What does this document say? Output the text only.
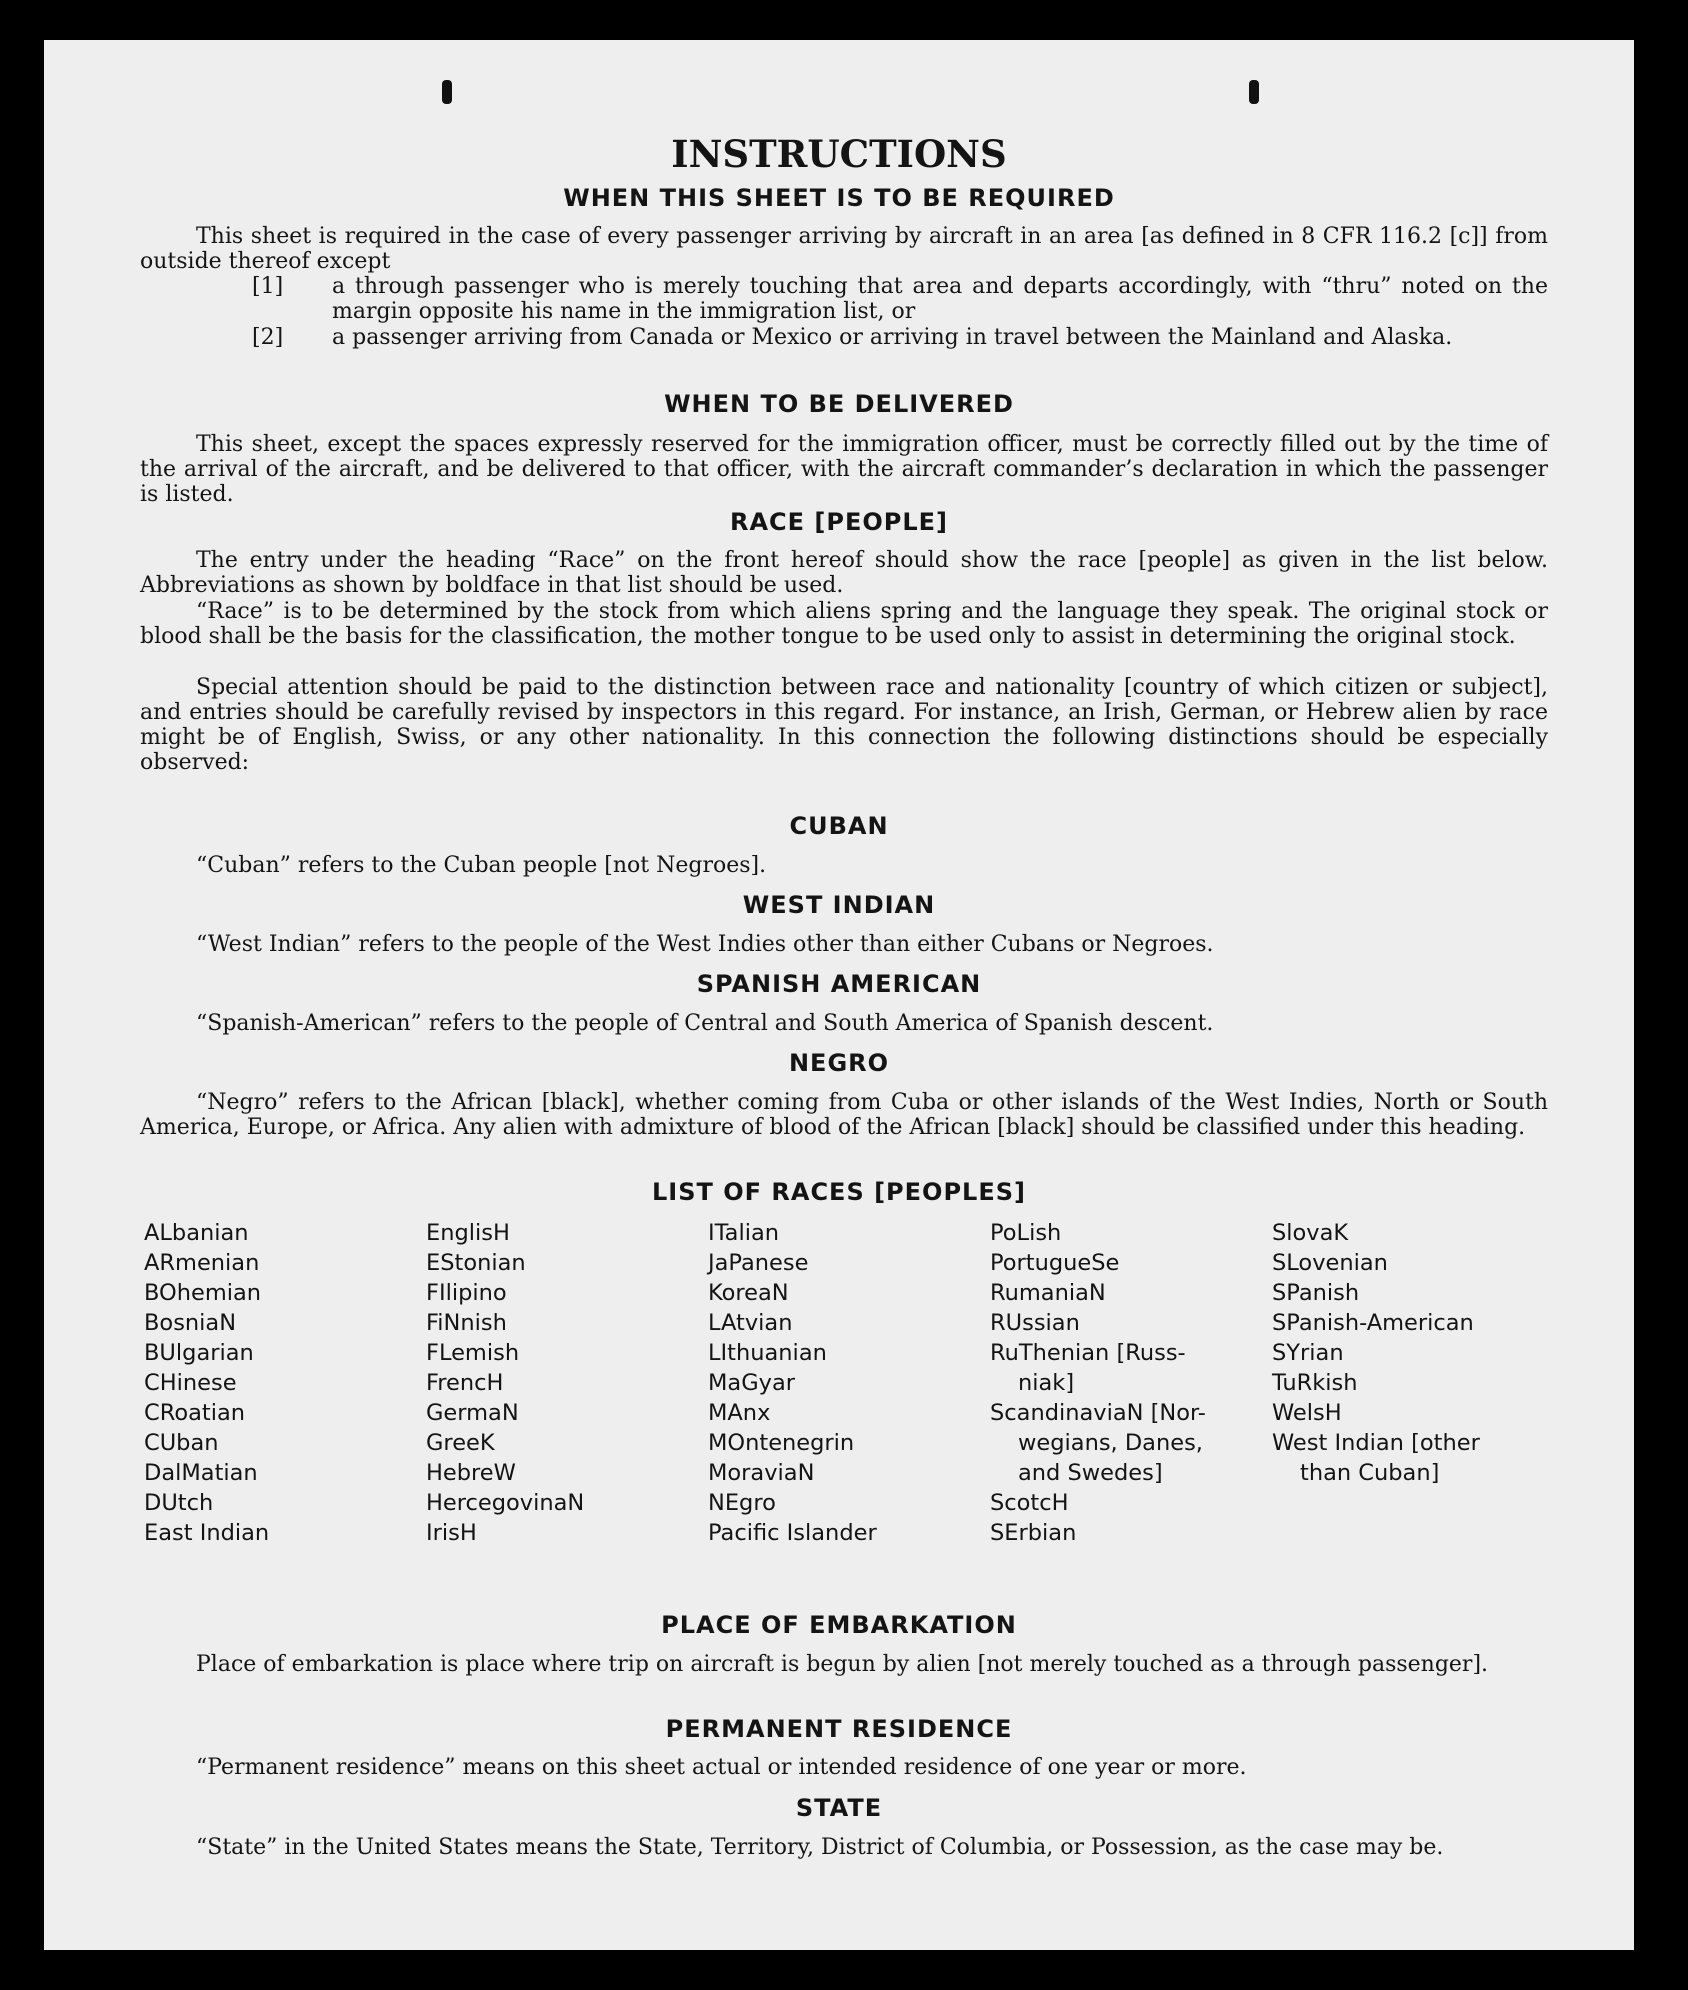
INSTRUCTIONS
WHEN THIS SHEET IS TO BE REQUIRED
This sheet is required in the case of every passenger arriving by aircraft in an area [as defined in 8 CFR 116.2 [c]] from outside thereof except
[1] a through passenger who is merely touching that area and departs accordingly, with “thru” noted on the margin opposite his name in the immigration list, or
[2] a passenger arriving from Canada or Mexico or arriving in travel between the Mainland and Alaska.
WHEN TO BE DELIVERED
This sheet, except the spaces expressly reserved for the immigration officer, must be correctly filled out by the time of the arrival of the aircraft, and be delivered to that officer, with the aircraft commander’s declaration in which the passenger is listed.
RACE [PEOPLE]
The entry under the heading “Race” on the front hereof should show the race [people] as given in the list below. Abbreviations as shown by boldface in that list should be used.
“Race” is to be determined by the stock from which aliens spring and the language they speak. The original stock or blood shall be the basis for the classification, the mother tongue to be used only to assist in determining the original stock.
Special attention should be paid to the distinction between race and nationality [country of which citizen or subject], and entries should be carefully revised by inspectors in this regard. For instance, an Irish, German, or Hebrew alien by race might be of English, Swiss, or any other nationality. In this connection the following distinctions should be especially observed:
CUBAN
“Cuban” refers to the Cuban people [not Negroes].
WEST INDIAN
“West Indian” refers to the people of the West Indies other than either Cubans or Negroes.
SPANISH AMERICAN
“Spanish-American” refers to the people of Central and South America of Spanish descent.
NEGRO
“Negro” refers to the African [black], whether coming from Cuba or other islands of the West Indies, North or South America, Europe, or Africa. Any alien with admixture of blood of the African [black] should be classified under this heading.
LIST OF RACES [PEOPLES]
ALbanian
ARmenian
BOhemian
BosniaN
BUlgarian
CHinese
CRoatian
CUban
DalMatian
DUtch
East Indian
EnglisH
EStonian
FIlipino
FiNnish
FLemish
FrencH
GermaN
GreeK
HebreW
HercegovinaN
IrisH
ITalian
JaPanese
KoreaN
LAtvian
LIthuanian
MaGyar
MAnx
MOntenegrin
MoraviaN
NEgro
Pacific Islander
PoLish
PortugueSe
RumaniaN
RUssian
RuThenian [Russ-
niak]
ScandinaviaN [Nor-
wegians, Danes,
and Swedes]
ScotcH
SErbian
SlovaK
SLovenian
SPanish
SPanish-American
SYrian
TuRkish
WelsH
West Indian [other
than Cuban]
PLACE OF EMBARKATION
Place of embarkation is place where trip on aircraft is begun by alien [not merely touched as a through passenger].
PERMANENT RESIDENCE
“Permanent residence” means on this sheet actual or intended residence of one year or more.
STATE
“State” in the United States means the State, Territory, District of Columbia, or Possession, as the case may be.
